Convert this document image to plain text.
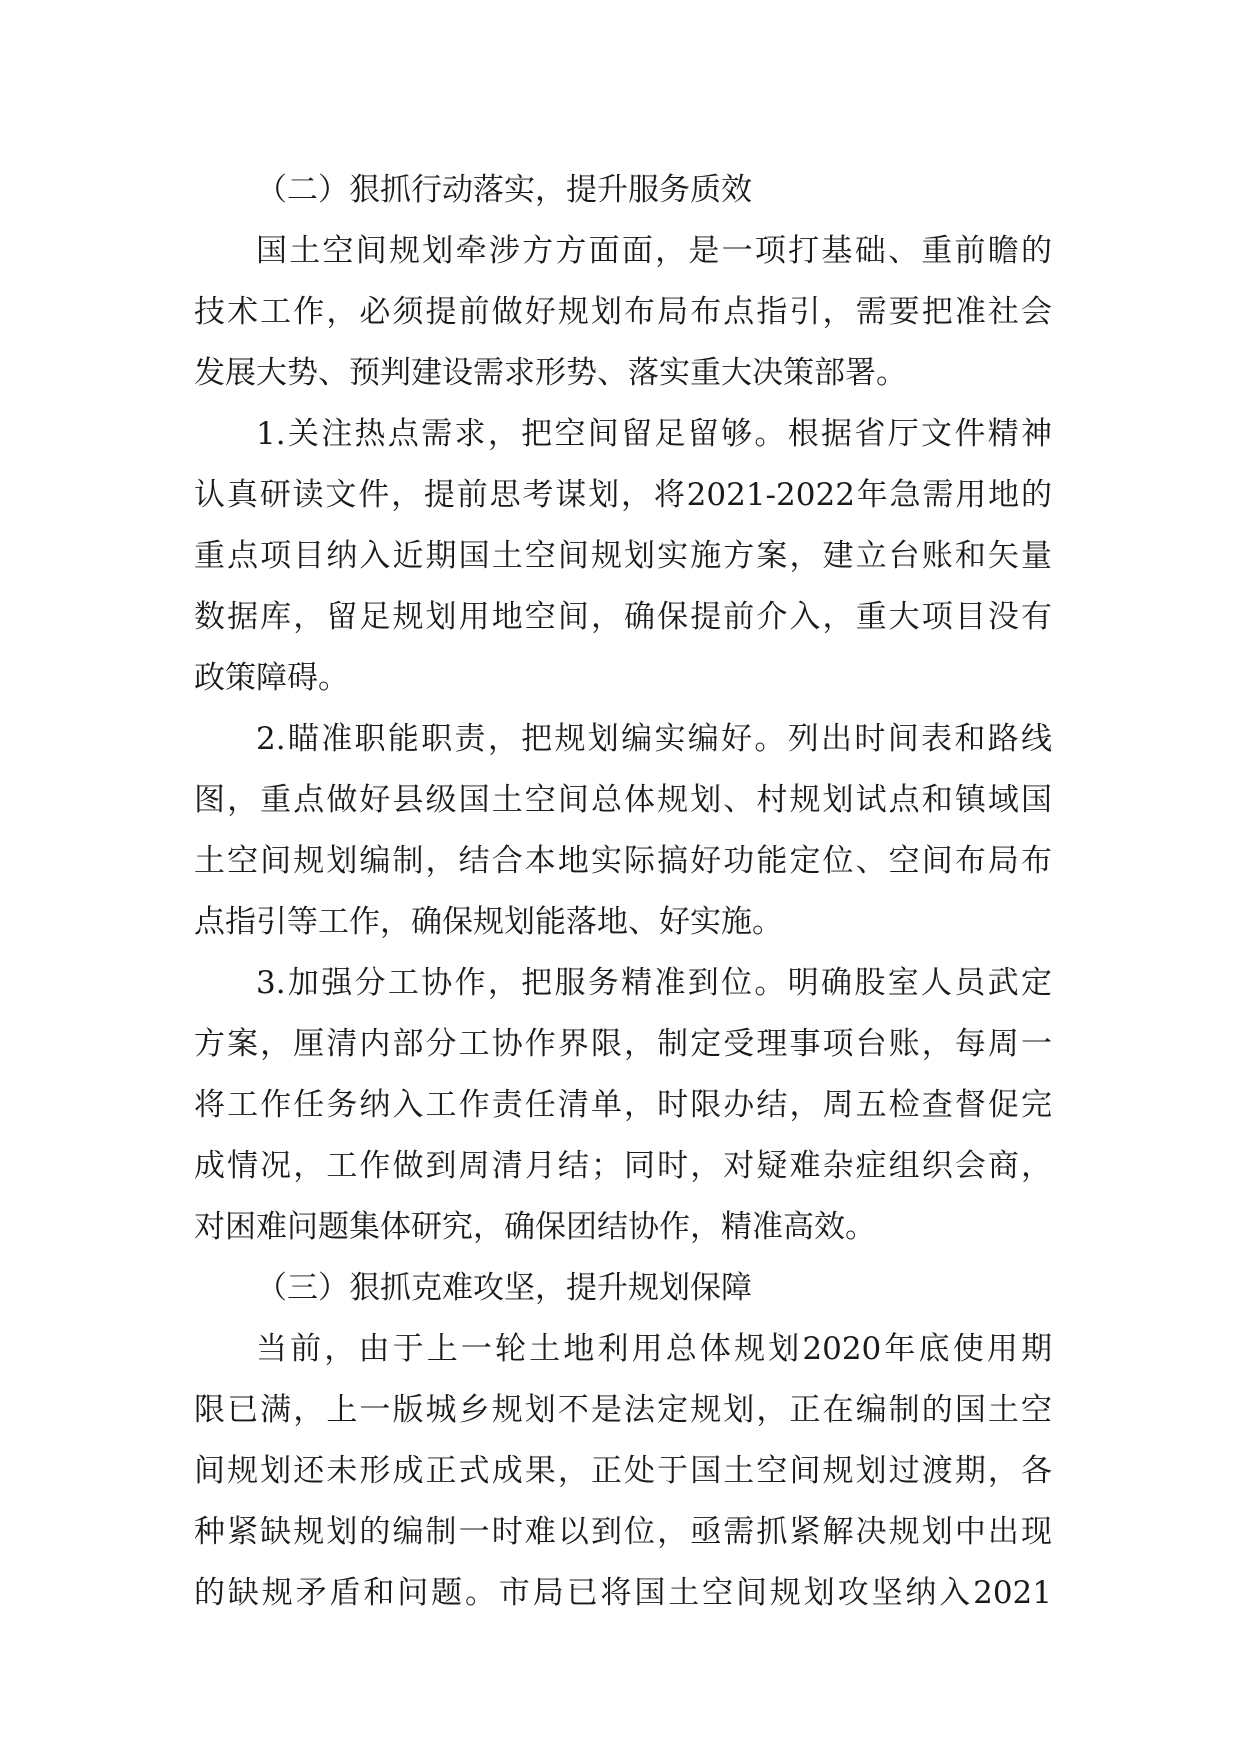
（二）狠抓行动落实，提升服务质效
国土空间规划牵涉方方面面，是一项打基础、重前瞻的
技术工作，必须提前做好规划布局布点指引，需要把准社会
发展大势、预判建设需求形势、落实重大决策部署。
1.关注热点需求，把空间留足留够。根据省厅文件精神
认真研读文件，提前思考谋划，将2021-2022年急需用地的
重点项目纳入近期国土空间规划实施方案，建立台账和矢量
数据库，留足规划用地空间，确保提前介入，重大项目没有
政策障碍。
2.瞄准职能职责，把规划编实编好。列出时间表和路线
图，重点做好县级国土空间总体规划、村规划试点和镇域国
土空间规划编制，结合本地实际搞好功能定位、空间布局布
点指引等工作，确保规划能落地、好实施。
3.加强分工协作，把服务精准到位。明确股室人员武定
方案，厘清内部分工协作界限，制定受理事项台账，每周一
将工作任务纳入工作责任清单，时限办结，周五检查督促完
成情况，工作做到周清月结；同时，对疑难杂症组织会商，
对困难问题集体研究，确保团结协作，精准高效。
（三）狠抓克难攻坚，提升规划保障
当前，由于上一轮土地利用总体规划2020年底使用期
限已满，上一版城乡规划不是法定规划，正在编制的国土空
间规划还未形成正式成果，正处于国土空间规划过渡期，各
种紧缺规划的编制一时难以到位，亟需抓紧解决规划中出现
的缺规矛盾和问题。市局已将国土空间规划攻坚纳入2021
